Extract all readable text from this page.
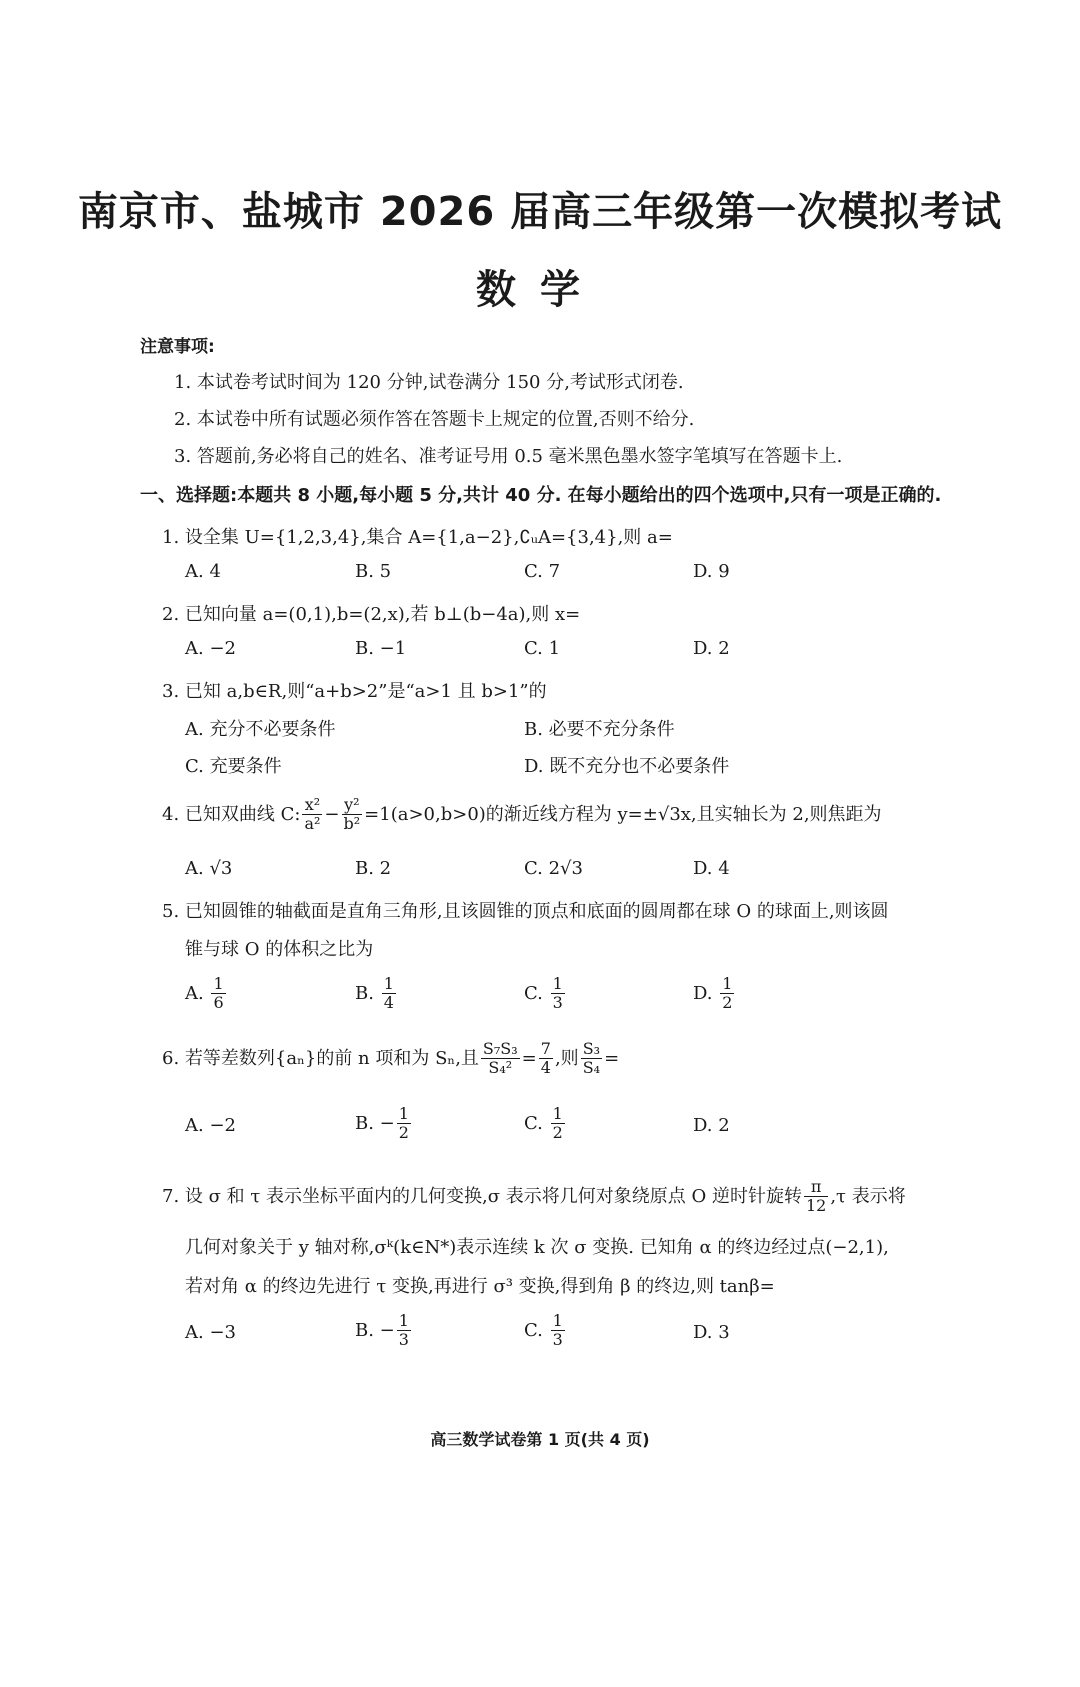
南京市、盐城市 2026 届高三年级第一次模拟考试
数学
注意事项:
1. 本试卷考试时间为 120 分钟,试卷满分 150 分,考试形式闭卷.
2. 本试卷中所有试题必须作答在答题卡上规定的位置,否则不给分.
3. 答题前,务必将自己的姓名、准考证号用 0.5 毫米黑色墨水签字笔填写在答题卡上.
一、选择题:本题共 8 小题,每小题 5 分,共计 40 分. 在每小题给出的四个选项中,只有一项是正确的.
1. 设全集 U={1,2,3,4},集合 A={1,a−2},∁ᵤA={3,4},则 a=
A. 4	B. 5	C. 7	D. 9
2. 已知向量 a=(0,1),b=(2,x),若 b⊥(b−4a),则 x=
A. −2	B. −1	C. 1	D. 2
3. 已知 a,b∈R,则“a+b>2”是“a>1 且 b>1”的
A. 充分不必要条件	B. 必要不充分条件
C. 充要条件	D. 既不充分也不必要条件
4. 已知双曲线 C: $\frac{\text{x²}}{\text{a²}} - \frac{\text{y²}}{\text{b²}} =1(a>0,b>0)$的渐近线方程为 y=±√3x,且实轴长为 2,则焦距为
A. √3	B. 2	C. 2√3	D. 4
5. 已知圆锥的轴截面是直角三角形,且该圆锥的顶点和底面的圆周都在球 O 的球面上,则该圆
锥与球 O 的体积之比为
A. $\frac{1}{6}$	B. $\frac{1}{4}$	C. $\frac{1}{3}$	D. $\frac{1}{2}$
6. 若等差数列{aₙ}的前 n 项和为 Sₙ,且 $\frac{\text{S₇S₃}}{\text{S₄²}} = \frac{7}{4}$ ,则 $\frac{\text{S₃}}{\text{S₄}}$ =
A. −2	B. − $\frac{1}{2}$	C. $\frac{1}{2}$	D. 2
7. 设 σ 和 τ 表示坐标平面内的几何变换,σ 表示将几何对象绕原点 O 逆时针旋转 $\frac{\pi}{12} ,\tau$ 表示将
几何对象关于 y 轴对称,σᵏ(k∈N*)表示连续 k 次 σ 变换. 已知角 α 的终边经过点(−2,1),
若对角 α 的终边先进行 τ 变换,再进行 σ³ 变换,得到角 β 的终边,则 tanβ=
A. −3	B. − $\frac{1}{3}$	C. $\frac{1}{3}$	D. 3
高三数学试卷第 1 页(共 4 页)
